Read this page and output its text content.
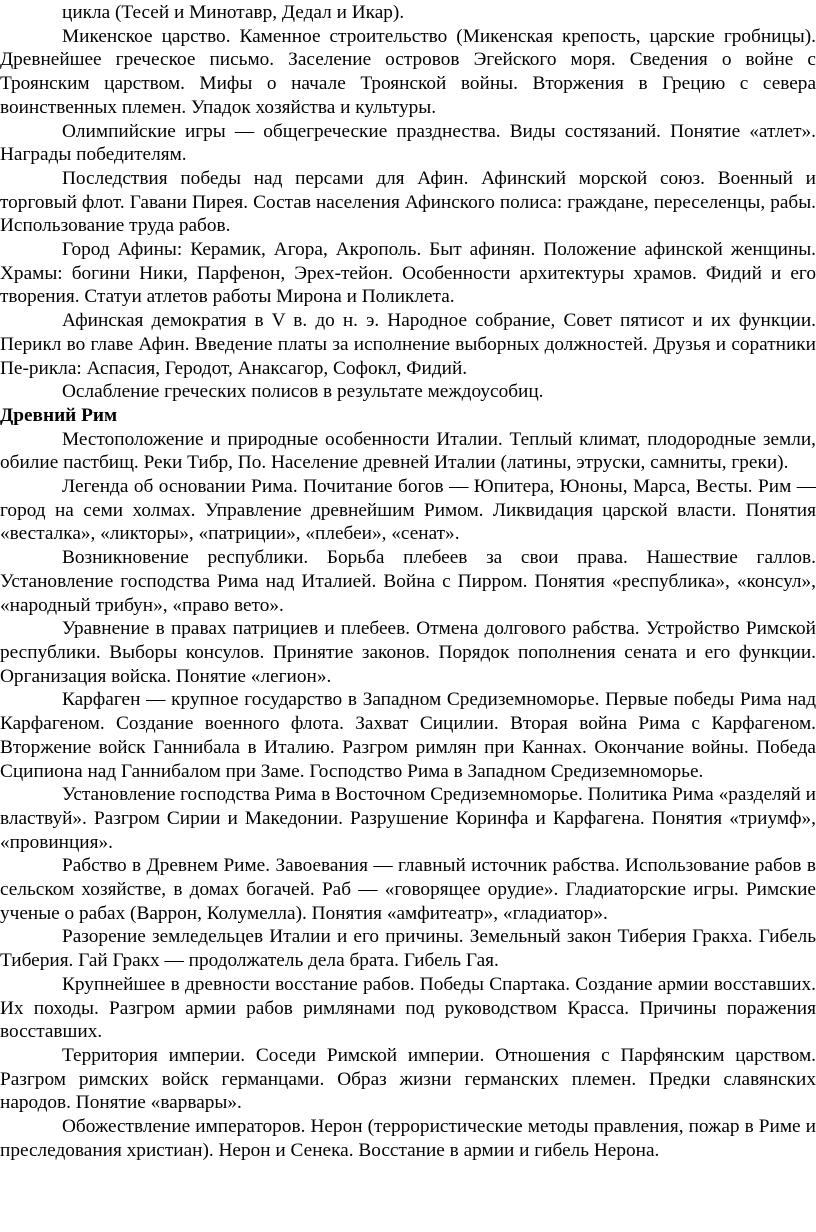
цикла (Тесей и Минотавр, Дедал и Икар).

Микенское царство. Каменное строительство (Микенская крепость, царские гробницы). Древнейшее греческое письмо. Заселение островов Эгейского моря. Сведения о войне с Троянским царством. Мифы о начале Троянской войны. Вторжения в Грецию с севера воинственных племен. Упадок хозяйства и культуры.

Олимпийские игры — общегреческие празднества. Виды состязаний. Понятие «атлет». Награды победителям.

Последствия победы над персами для Афин. Афинский морской союз. Военный и торговый флот. Гавани Пирея. Состав населения Афинского полиса: граждане, переселенцы, рабы. Использование труда рабов.

Город Афины: Керамик, Агора, Акрополь. Быт афинян. Положение афинской женщины. Храмы: богини Ники, Парфенон, Эрех-тейон. Особенности архитектуры храмов. Фидий и его творения. Статуи атлетов работы Мирона и Поликлета.

Афинская демократия в V в. до н. э. Народное собрание, Совет пятисот и их функции. Перикл во главе Афин. Введение платы за исполнение выборных должностей. Друзья и соратники Пе-рикла: Аспасия, Геродот, Анаксагор, Софокл, Фидий.

Ослабление греческих полисов в результате междоусобиц.

Древний Рим

Местоположение и природные особенности Италии. Теплый климат, плодородные земли, обилие пастбищ. Реки Тибр, По. Население древней Италии (латины, этруски, самниты, греки).

Легенда об основании Рима. Почитание богов — Юпитера, Юноны, Марса, Весты. Рим — город на семи холмах. Управление древнейшим Римом. Ликвидация царской власти. Понятия «весталка», «ликторы», «патриции», «плебеи», «сенат».

Возникновение республики. Борьба плебеев за свои права. Нашествие галлов. Установление господства Рима над Италией. Война с Пирром. Понятия «республика», «консул», «народный трибун», «право вето».

Уравнение в правах патрициев и плебеев. Отмена долгового рабства. Устройство Римской республики. Выборы консулов. Принятие законов. Порядок пополнения сената и его функции. Организация войска. Понятие «легион».

Карфаген — крупное государство в Западном Средиземноморье. Первые победы Рима над Карфагеном. Создание военного флота. Захват Сицилии. Вторая война Рима с Карфагеном. Вторжение войск Ганнибала в Италию. Разгром римлян при Каннах. Окончание войны. Победа Сципиона над Ганнибалом при Заме. Господство Рима в Западном Средиземноморье.

Установление господства Рима в Восточном Средиземноморье. Политика Рима «разделяй и властвуй». Разгром Сирии и Македонии. Разрушение Коринфа и Карфагена. Понятия «триумф», «провинция».

Рабство в Древнем Риме. Завоевания — главный источник рабства. Использование рабов в сельском хозяйстве, в домах богачей. Раб — «говорящее орудие». Гладиаторские игры. Римские ученые о рабах (Варрон, Колумелла). Понятия «амфитеатр», «гладиатор».

Разорение земледельцев Италии и его причины. Земельный закон Тиберия Гракха. Гибель Тиберия. Гай Гракх — продолжатель дела брата. Гибель Гая.

Крупнейшее в древности восстание рабов. Победы Спартака. Создание армии восставших. Их походы. Разгром армии рабов римлянами под руководством Красса. Причины поражения восставших.

Территория империи. Соседи Римской империи. Отношения с Парфянским царством. Разгром римских войск германцами. Образ жизни германских племен. Предки славянских народов. Понятие «варвары».

Обожествление императоров. Нерон (террористические методы правления, пожар в Риме и преследования христиан). Нерон и Сенека. Восстание в армии и гибель Нерона.
